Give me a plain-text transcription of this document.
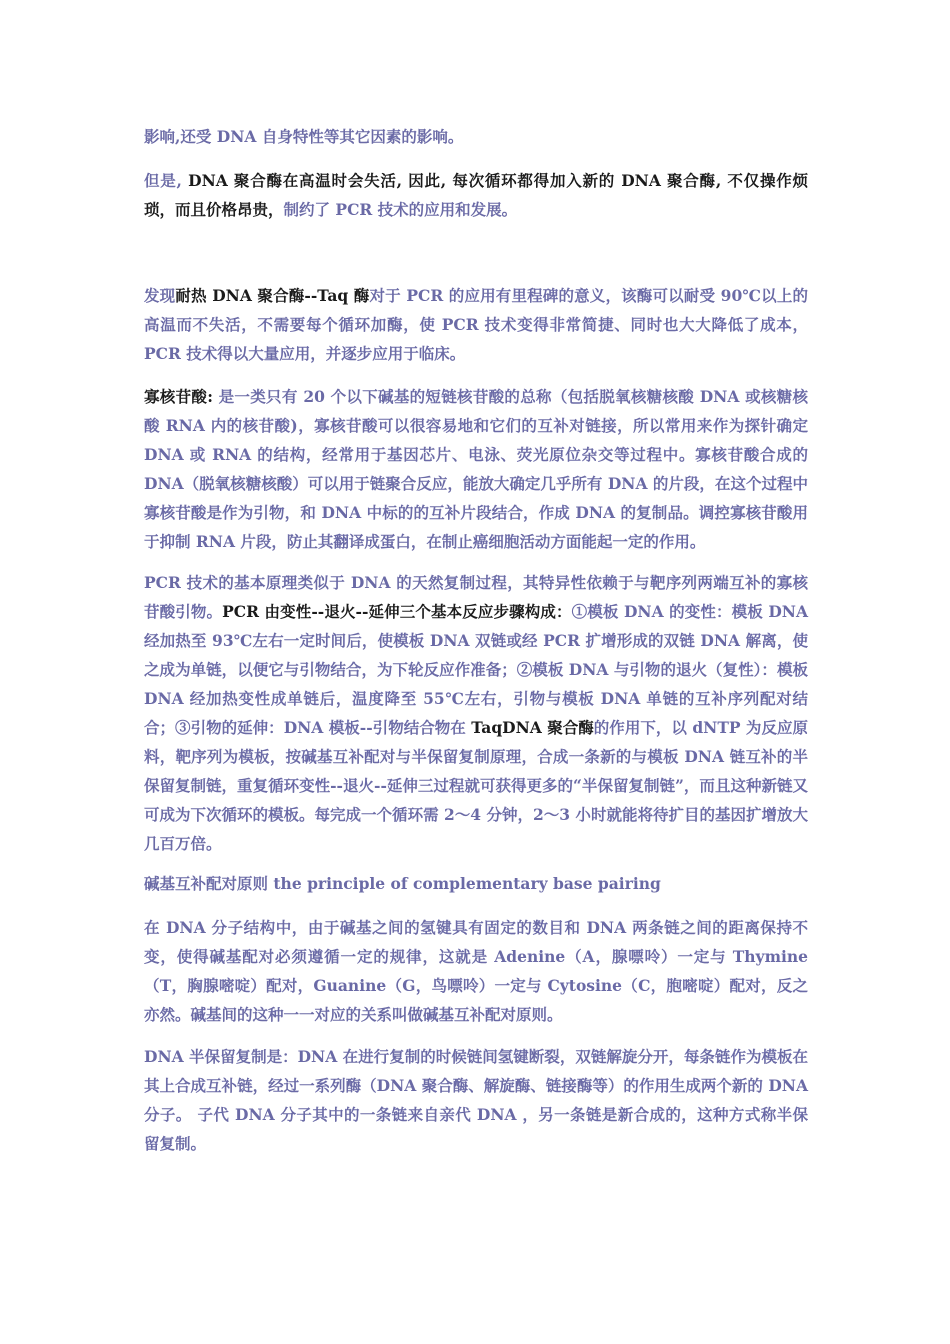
影响,还受 DNA 自身特性等其它因素的影响。

但是, DNA 聚合酶在高温时会失活, 因此, 每次循环都得加入新的 DNA 聚合酶, 不仅操作烦琐，而且价格昂贵，制约了 PCR 技术的应用和发展。

发现耐热 DNA 聚合酶--Taq 酶对于 PCR 的应用有里程碑的意义，该酶可以耐受 90℃以上的高温而不失活，不需要每个循环加酶，使 PCR 技术变得非常简捷、同时也大大降低了成本，PCR 技术得以大量应用，并逐步应用于临床。

寡核苷酸: 是一类只有 20 个以下碱基的短链核苷酸的总称（包括脱氧核糖核酸 DNA 或核糖核酸 RNA 内的核苷酸)，寡核苷酸可以很容易地和它们的互补对链接，所以常用来作为探针确定 DNA 或 RNA 的结构，经常用于基因芯片、电泳、荧光原位杂交等过程中。寡核苷酸合成的 DNA（脱氧核糖核酸）可以用于链聚合反应，能放大确定几乎所有 DNA 的片段，在这个过程中寡核苷酸是作为引物，和 DNA 中标的的互补片段结合，作成 DNA 的复制品。调控寡核苷酸用于抑制 RNA 片段，防止其翻译成蛋白，在制止癌细胞活动方面能起一定的作用。

PCR 技术的基本原理类似于 DNA 的天然复制过程，其特异性依赖于与靶序列两端互补的寡核苷酸引物。PCR 由变性--退火--延伸三个基本反应步骤构成：①模板 DNA 的变性：模板 DNA 经加热至 93℃左右一定时间后，使模板 DNA 双链或经 PCR 扩增形成的双链 DNA 解离，使之成为单链，以便它与引物结合，为下轮反应作准备；②模板 DNA 与引物的退火（复性）：模板 DNA 经加热变性成单链后，温度降至 55℃左右，引物与模板 DNA 单链的互补序列配对结合；③引物的延伸：DNA 模板--引物结合物在 TaqDNA 聚合酶的作用下，以 dNTP 为反应原料，靶序列为模板，按碱基互补配对与半保留复制原理，合成一条新的与模板 DNA 链互补的半保留复制链，重复循环变性--退火--延伸三过程就可获得更多的“半保留复制链”，而且这种新链又可成为下次循环的模板。每完成一个循环需 2～4 分钟，2～3 小时就能将待扩目的基因扩增放大几百万倍。

碱基互补配对原则 the principle of complementary base pairing

在 DNA 分子结构中，由于碱基之间的氢键具有固定的数目和 DNA 两条链之间的距离保持不变，使得碱基配对必须遵循一定的规律，这就是 Adenine（A，腺嘌呤）一定与 Thymine（T，胸腺嘧啶）配对，Guanine（G，鸟嘌呤）一定与 Cytosine（C，胞嘧啶）配对，反之亦然。碱基间的这种一一对应的关系叫做碱基互补配对原则。

DNA 半保留复制是：DNA 在进行复制的时候链间氢键断裂，双链解旋分开，每条链作为模板在其上合成互补链，经过一系列酶（DNA 聚合酶、解旋酶、链接酶等）的作用生成两个新的 DNA 分子。 子代 DNA 分子其中的一条链来自亲代 DNA ，另一条链是新合成的，这种方式称半保留复制。
